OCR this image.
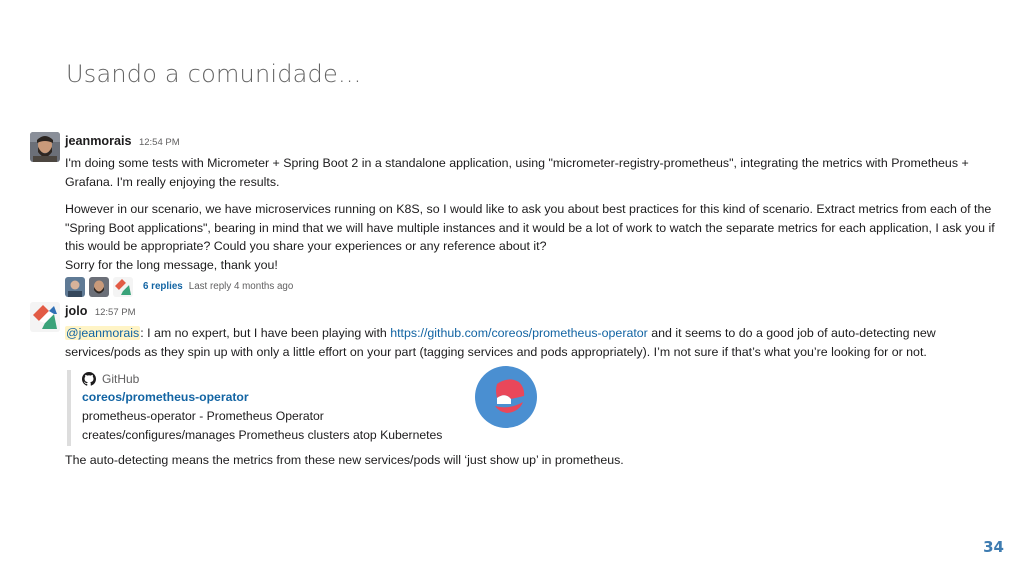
Usando a comunidade...
jeanmorais 12:54 PM

I'm doing some tests with Micrometer + Spring Boot 2 in a standalone application, using "micrometer-registry-prometheus", integrating the metrics with Prometheus +

Grafana. I'm really enjoying the results.

However in our scenario, we have microservices running on K8S, so I would like to ask you about best practices for this kind of scenario. Extract metrics from each of the

"Spring Boot applications", bearing in mind that we will have multiple instances and it would be a lot of work to watch the separate metrics for each application, I ask you if

this would be appropriate? Could you share your experiences or any reference about it?

Sorry for the long message, thank you!

6 replies Last reply 4 months ago
jolo 12:57 PM
@jeanmorais: I am no expert, but I have been playing with https://github.com/coreos/prometheus-operator and it seems to do a good job of auto-detecting new
services/pods as they spin up with only a little effort on your part (tagging services and pods appropriately). I’m not sure if that’s what you’re looking for or not.
GitHub
coreos/prometheus-operator
prometheus-operator - Prometheus Operator
creates/configures/manages Prometheus clusters atop Kubernetes
The auto-detecting means the metrics from these new services/pods will ‘just show up’ in prometheus.
34
